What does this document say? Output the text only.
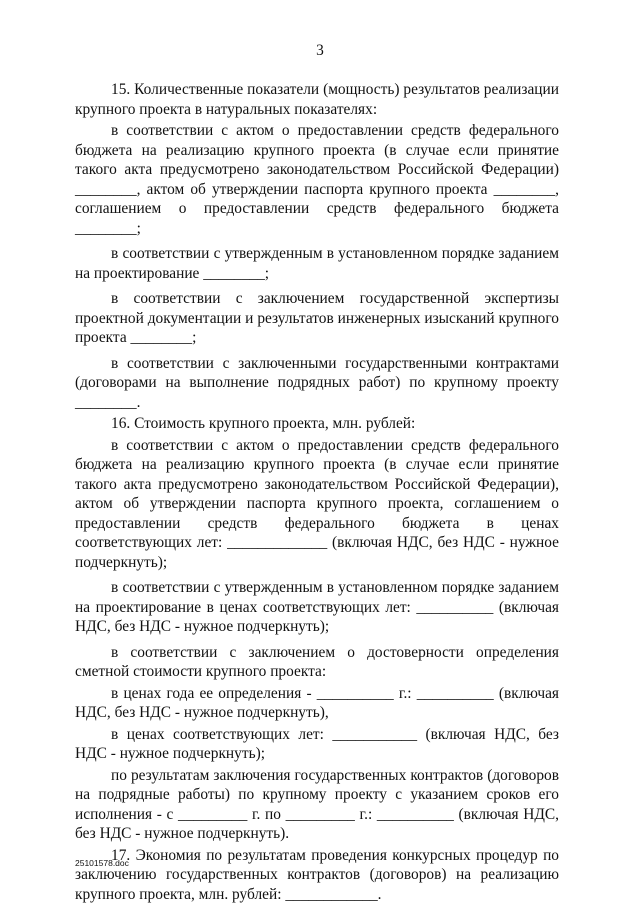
3

15. Количественные показатели (мощность) результатов реализации крупного проекта в натуральных показателях:

в соответствии с актом о предоставлении средств федерального бюджета на реализацию крупного проекта (в случае если принятие такого акта предусмотрено законодательством Российской Федерации) ________, актом об утверждении паспорта крупного проекта ________, соглашением о предоставлении средств федерального бюджета ________;

в соответствии с утвержденным в установленном порядке заданием на проектирование ________;

в соответствии с заключением государственной экспертизы проектной документации и результатов инженерных изысканий крупного проекта ________;

в соответствии с заключенными государственными контрактами (договорами на выполнение подрядных работ) по крупному проекту ________.

16. Стоимость крупного проекта, млн. рублей:

в соответствии с актом о предоставлении средств федерального бюджета на реализацию крупного проекта (в случае если принятие такого акта предусмотрено законодательством Российской Федерации), актом об утверждении паспорта крупного проекта, соглашением о предоставлении средств федерального бюджета в ценах соответствующих лет: _____________ (включая НДС, без НДС - нужное подчеркнуть);

в соответствии с утвержденным в установленном порядке заданием на проектирование в ценах соответствующих лет: __________ (включая НДС, без НДС - нужное подчеркнуть);

в соответствии с заключением о достоверности определения сметной стоимости крупного проекта:

в ценах года ее определения - __________ г.: __________ (включая НДС, без НДС - нужное подчеркнуть),

в ценах соответствующих лет: ___________ (включая НДС, без НДС - нужное подчеркнуть);

по результатам заключения государственных контрактов (договоров на подрядные работы) по крупному проекту с указанием сроков его исполнения - с _________ г. по _________ г.: __________ (включая НДС, без НДС - нужное подчеркнуть).

17. Экономия по результатам проведения конкурсных процедур по заключению государственных контрактов (договоров) на реализацию крупного проекта, млн. рублей: ____________.

25101578.doc
